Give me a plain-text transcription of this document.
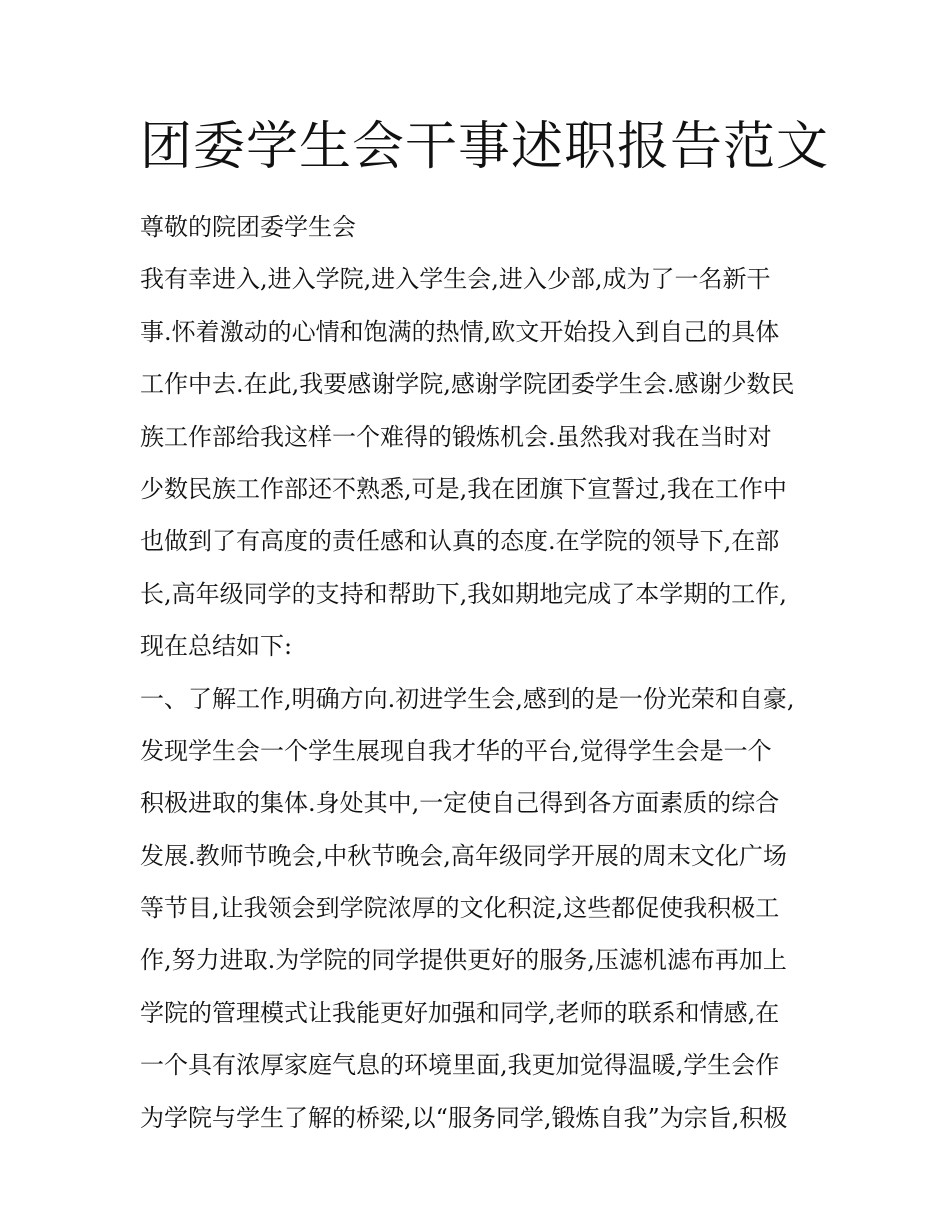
团委学生会干事述职报告范文
尊敬的院团委学生会
我有幸进入,进入学院,进入学生会,进入少部,成为了一名新干
事.怀着激动的心情和饱满的热情,欧文开始投入到自己的具体
工作中去.在此,我要感谢学院,感谢学院团委学生会.感谢少数民
族工作部给我这样一个难得的锻炼机会.虽然我对我在当时对
少数民族工作部还不熟悉,可是,我在团旗下宣誓过,我在工作中
也做到了有高度的责任感和认真的态度.在学院的领导下,在部
长,高年级同学的支持和帮助下,我如期地完成了本学期的工作,
现在总结如下:
一、了解工作,明确方向.初进学生会,感到的是一份光荣和自豪,
发现学生会一个学生展现自我才华的平台,觉得学生会是一个
积极进取的集体.身处其中,一定使自己得到各方面素质的综合
发展.教师节晚会,中秋节晚会,高年级同学开展的周末文化广场
等节目,让我领会到学院浓厚的文化积淀,这些都促使我积极工
作,努力进取.为学院的同学提供更好的服务,压滤机滤布再加上
学院的管理模式让我能更好加强和同学,老师的联系和情感,在
一个具有浓厚家庭气息的环境里面,我更加觉得温暖,学生会作
为学院与学生了解的桥梁,以“服务同学,锻炼自我”为宗旨,积极
